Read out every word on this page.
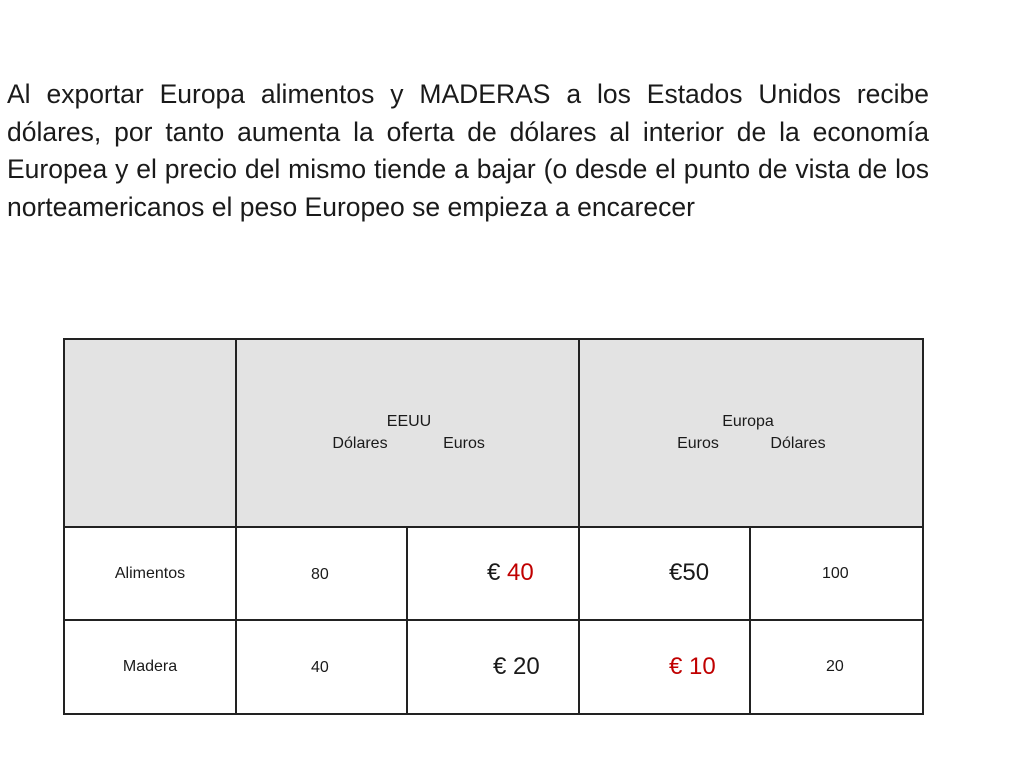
Al exportar Europa alimentos y MADERAS a los Estados Unidos recibe dólares, por tanto aumenta la oferta de dólares al interior de la economía Europea y el precio del mismo tiende a bajar (o desde el punto de vista de los norteamericanos el peso Europeo se empieza a encarecer

EEUU
Dólares	Euros
Europa
Euros	Dólares
Alimentos	80	€ 40	€50	100
Madera	40	€ 20	€ 10	20
